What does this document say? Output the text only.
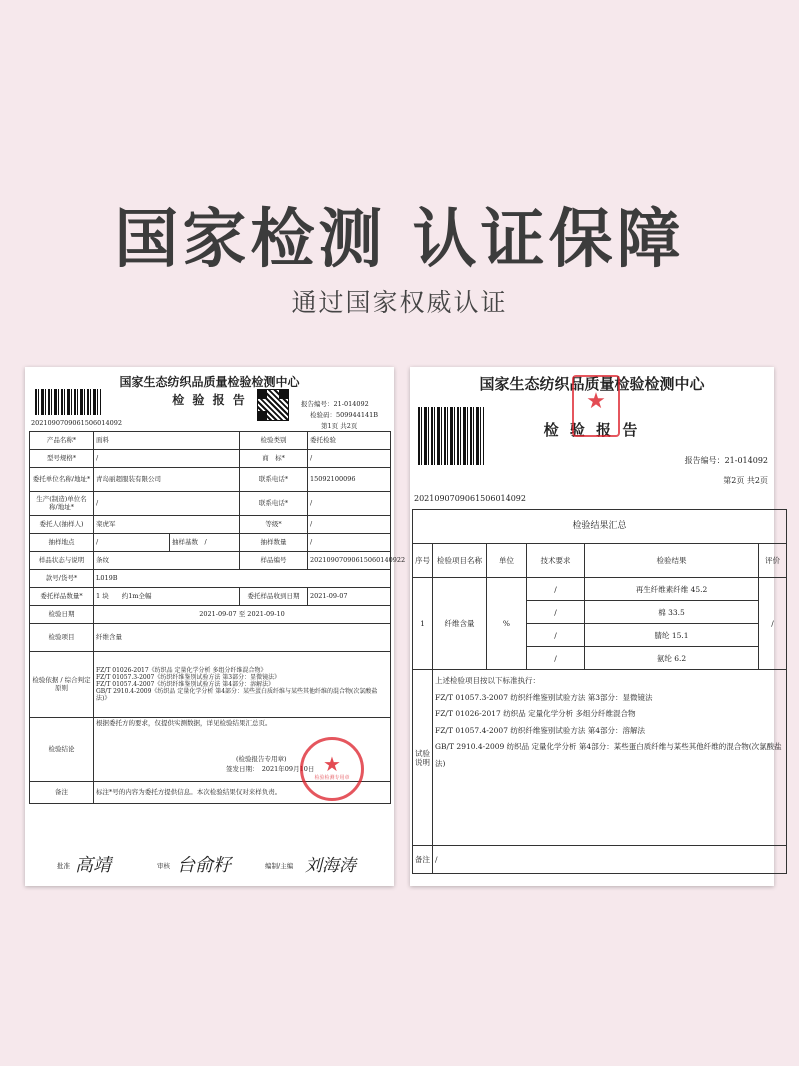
国家检测 认证保障
通过国家权威认证
国家生态纺织品质量检验检测中心
检 验 报 告
2021090709061506014092
报告编号：21-014092
检验码：509944141B
第1页 共2页
产品名称*	面料		检验类别	委托检验
型号规格*	/		商　标*	/
委托单位名称/地址*	青岛丽超服装有限公司		联系电话*	15092100096
生产(制造)单位名称/地址*	/		联系电话*	/
委托人(抽样人)	栾虎军		等级*	/
抽样地点	/	抽样基数　 /	抽样数量	/
样品状态与说明	条纹		样品编号	20210907090615060140922
款号/货号*	L019B			
委托样品数量*	1 块　　约1m全幅		委托样品收到日期	2021-09-07
检验日期	2021-09-07 至 2021-09-10			
检验项目	纤维含量			
检验依据 / 综合判定原则	FZ/T 01026-2017《纺织品 定量化学分析 多组分纤维混合物》
FZ/T 01057.3-2007《纺织纤维鉴别试验方法 第3部分：显微镜法》
FZ/T 01057.4-2007《纺织纤维鉴别试验方法 第4部分：溶解法》
GB/T 2910.4-2009《纺织品 定量化学分析 第4部分：某些蛋白质纤维与某些其他纤维的混合物(次氯酸盐法)》			
检验结论	根据委托方的要求，仅提供实测数据，详见检验结果汇总页。
(检验报告专用章)
签发日期：　2021年09月10日			

备注	标注*号的内容为委托方提供信息。本次检验结果仅对来样负责。			
★
检验检测专用章
批准 高靖	审核 台俞籽	编制/主编 刘海涛
国家生态纺织品质量检验检测中心
检 验 报 告
2021090709061506014092
报告编号：21-014092
第2页 共2页
★
检验结果汇总					
序号	检验项目名称	单位	技术要求	检验结果	评价
1	纤维含量	%	/	再生纤维素纤维 45.2	/
			/	棉 33.5	
			/	腈纶 15.1	
			/	氨纶 6.2	
试验说明	上述检验项目按以下标准执行：
FZ/T 01057.3-2007 纺织纤维鉴别试验方法 第3部分：显微镜法
FZ/T 01026-2017 纺织品 定量化学分析 多组分纤维混合物
FZ/T 01057.4-2007 纺织纤维鉴别试验方法 第4部分：溶解法
GB/T 2910.4-2009 纺织品 定量化学分析 第4部分：某些蛋白质纤维与某些其他纤维的混合物(次氯酸盐法)				
备注	/				
